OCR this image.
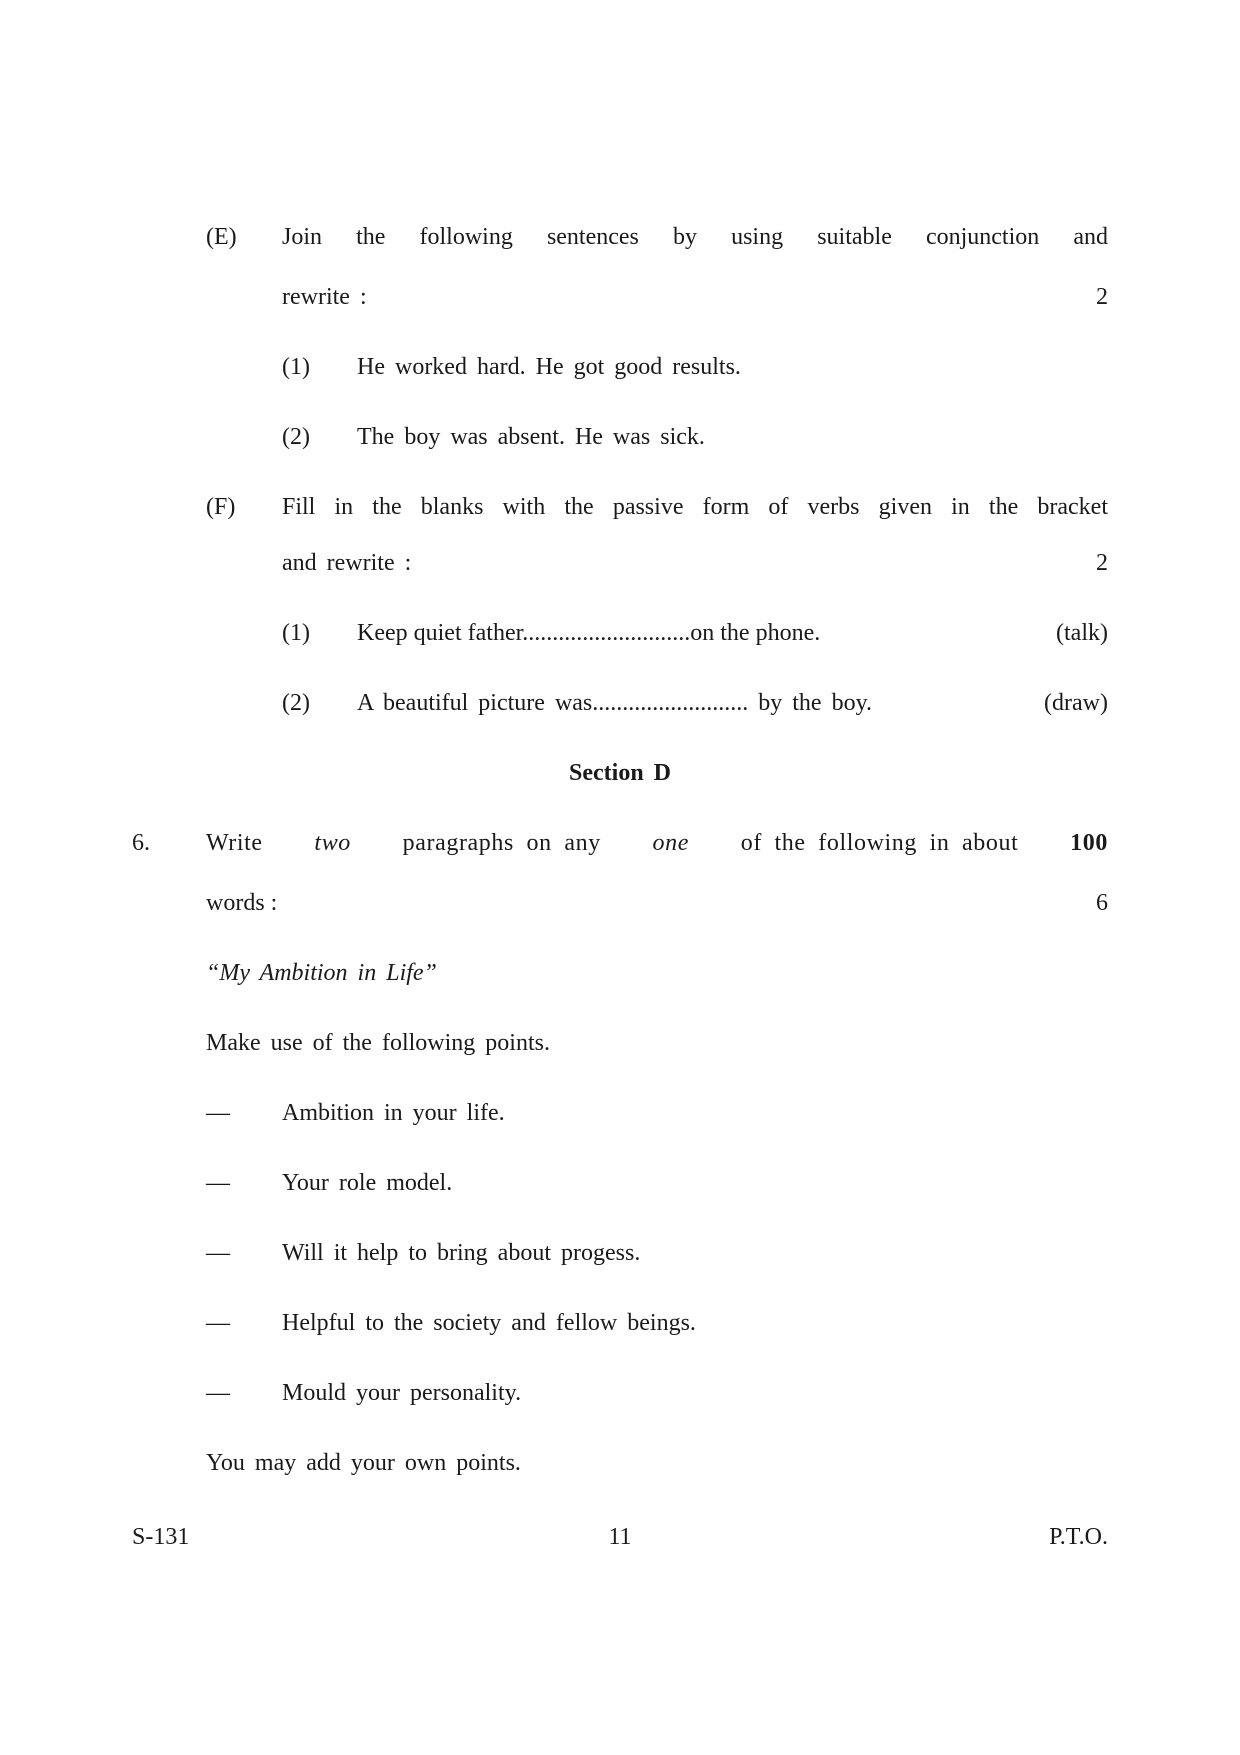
(E) Join the following sentences by using suitable conjunction and
rewrite :	2
(1) He worked hard. He got good results.
(2) The boy was absent. He was sick.
(F) Fill in the blanks with the passive form of verbs given in the bracket
and rewrite :	2
(1) Keep quiet father............................on the phone.	(talk)
(2) A beautiful picture was.......................... by the boy.	(draw)
Section D
6. Write two paragraphs on any one of the following in about 100
words :	6
“My Ambition in Life”
Make use of the following points.
— Ambition in your life.
— Your role model.
— Will it help to bring about progess.
— Helpful to the society and fellow beings.
— Mould your personality.
You may add your own points.
S-131	11	P.T.O.
